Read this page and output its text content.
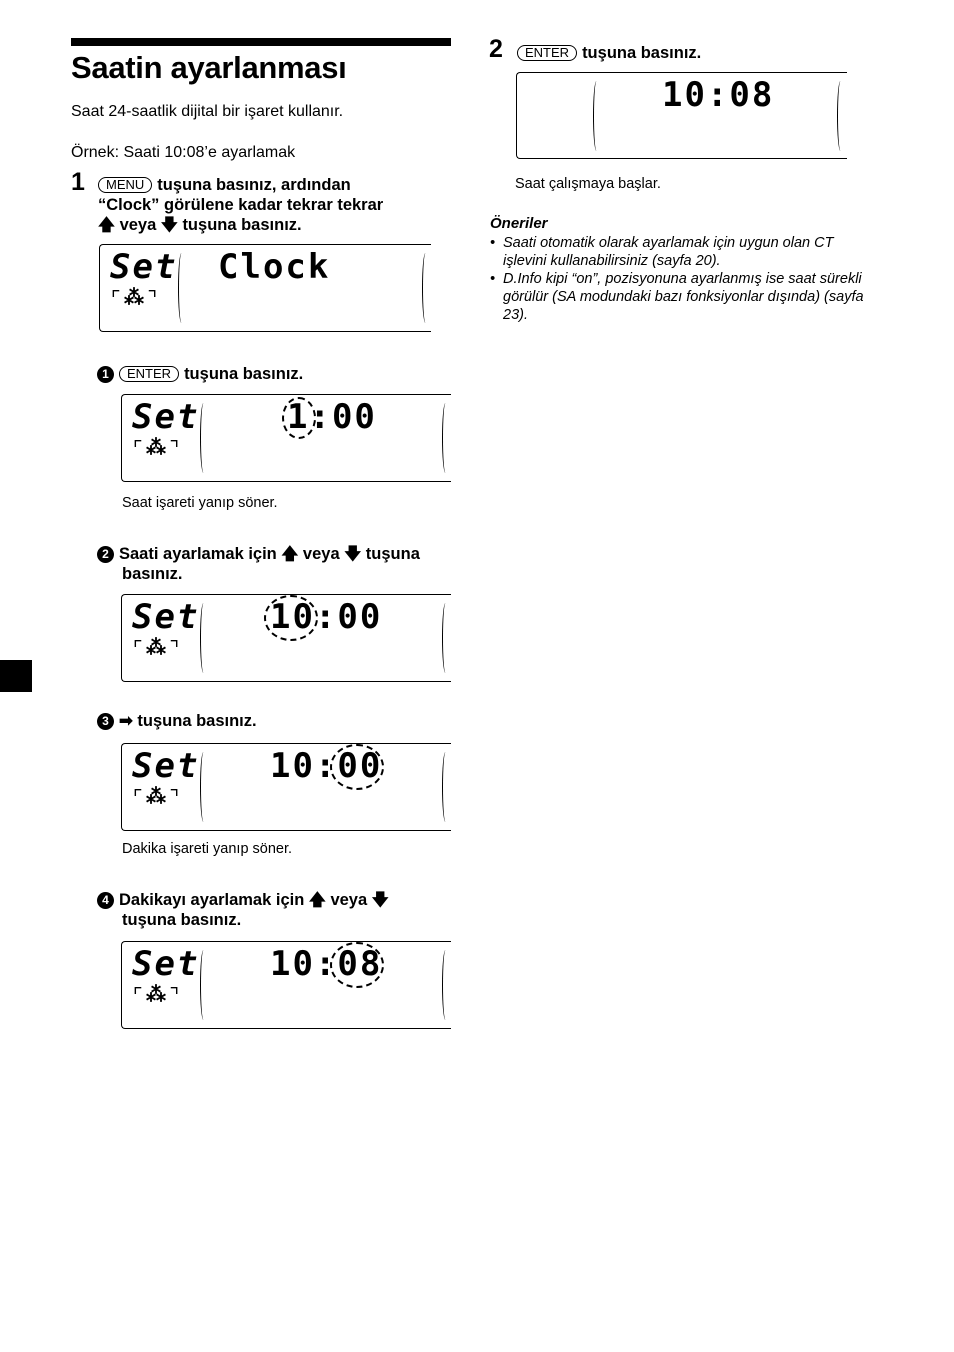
Saatin ayarlanması
Saat 24-saatlik dijital bir işaret kullanır.
Örnek: Saati 10:08’e ayarlamak
1	MENU tuşuna basınız, ardından
“Clock” görülene kadar tekrar tekrar
🡅 veya 🡇 tuşuna basınız.
Set
⌜⁂⌝
Clock
1 ENTER tuşuna basınız.
Set
⌜⁂⌝
1:00
Saat işareti yanıp söner.
2 Saati ayarlamak için 🡅 veya 🡇 tuşuna
basınız.
Set
⌜⁂⌝
10:00
3 ➡ tuşuna basınız.
Set
⌜⁂⌝
10:00
Dakika işareti yanıp söner.
4 Dakikayı ayarlamak için 🡅 veya 🡇
tuşuna basınız.
Set
⌜⁂⌝
10:08
2	ENTER tuşuna basınız.
10:08
Saat çalışmaya başlar.
Öneriler
• Saati otomatik olarak ayarlamak için uygun olan CT işlevini kullanabilirsiniz (sayfa 20).
• D.Info kipi “on”, pozisyonuna ayarlanmış ise saat sürekli görülür (SA modundaki bazı fonksiyonlar dışında) (sayfa 23).
